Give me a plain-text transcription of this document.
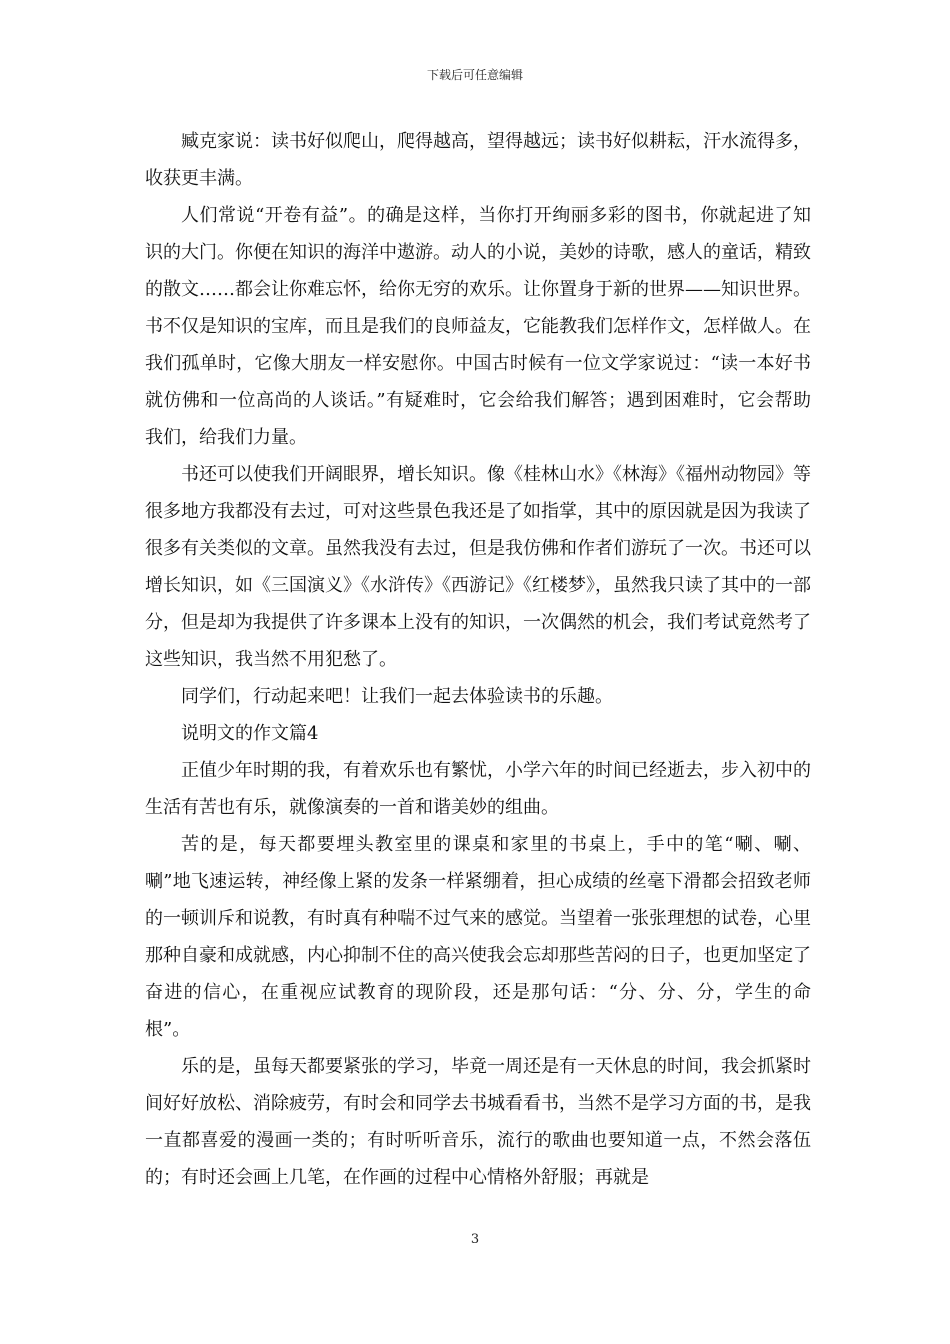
下载后可任意编辑

臧克家说：读书好似爬山，爬得越高，望得越远；读书好似耕耘，汗水流得多，收获更丰满。

人们常说“开卷有益”。的确是这样，当你打开绚丽多彩的图书，你就起进了知识的大门。你便在知识的海洋中遨游。动人的小说，美妙的诗歌，感人的童话，精致的散文……都会让你难忘怀，给你无穷的欢乐。让你置身于新的世界——知识世界。书不仅是知识的宝库，而且是我们的良师益友，它能教我们怎样作文，怎样做人。在我们孤单时，它像大朋友一样安慰你。中国古时候有一位文学家说过：“读一本好书就仿佛和一位高尚的人谈话。”有疑难时，它会给我们解答；遇到困难时，它会帮助我们，给我们力量。

书还可以使我们开阔眼界，增长知识。像《桂林山水》《林海》《福州动物园》等很多地方我都没有去过，可对这些景色我还是了如指掌，其中的原因就是因为我读了很多有关类似的文章。虽然我没有去过，但是我仿佛和作者们游玩了一次。书还可以增长知识，如《三国演义》《水浒传》《西游记》《红楼梦》，虽然我只读了其中的一部分，但是却为我提供了许多课本上没有的知识，一次偶然的机会，我们考试竟然考了这些知识，我当然不用犯愁了。

同学们，行动起来吧！让我们一起去体验读书的乐趣。

说明文的作文篇4

正值少年时期的我，有着欢乐也有繁忧，小学六年的时间已经逝去，步入初中的生活有苦也有乐，就像演奏的一首和谐美妙的组曲。

苦的是，每天都要埋头教室里的课桌和家里的书桌上，手中的笔“唰、唰、唰”地飞速运转，神经像上紧的发条一样紧绷着，担心成绩的丝毫下滑都会招致老师的一顿训斥和说教，有时真有种喘不过气来的感觉。当望着一张张理想的试卷，心里那种自豪和成就感，内心抑制不住的高兴使我会忘却那些苦闷的日子，也更加坚定了奋进的信心，在重视应试教育的现阶段，还是那句话：“分、分、分，学生的命根”。

乐的是，虽每天都要紧张的学习，毕竟一周还是有一天休息的时间，我会抓紧时间好好放松、消除疲劳，有时会和同学去书城看看书，当然不是学习方面的书，是我一直都喜爱的漫画一类的；有时听听音乐，流行的歌曲也要知道一点，不然会落伍的；有时还会画上几笔，在作画的过程中心情格外舒服；再就是

3
